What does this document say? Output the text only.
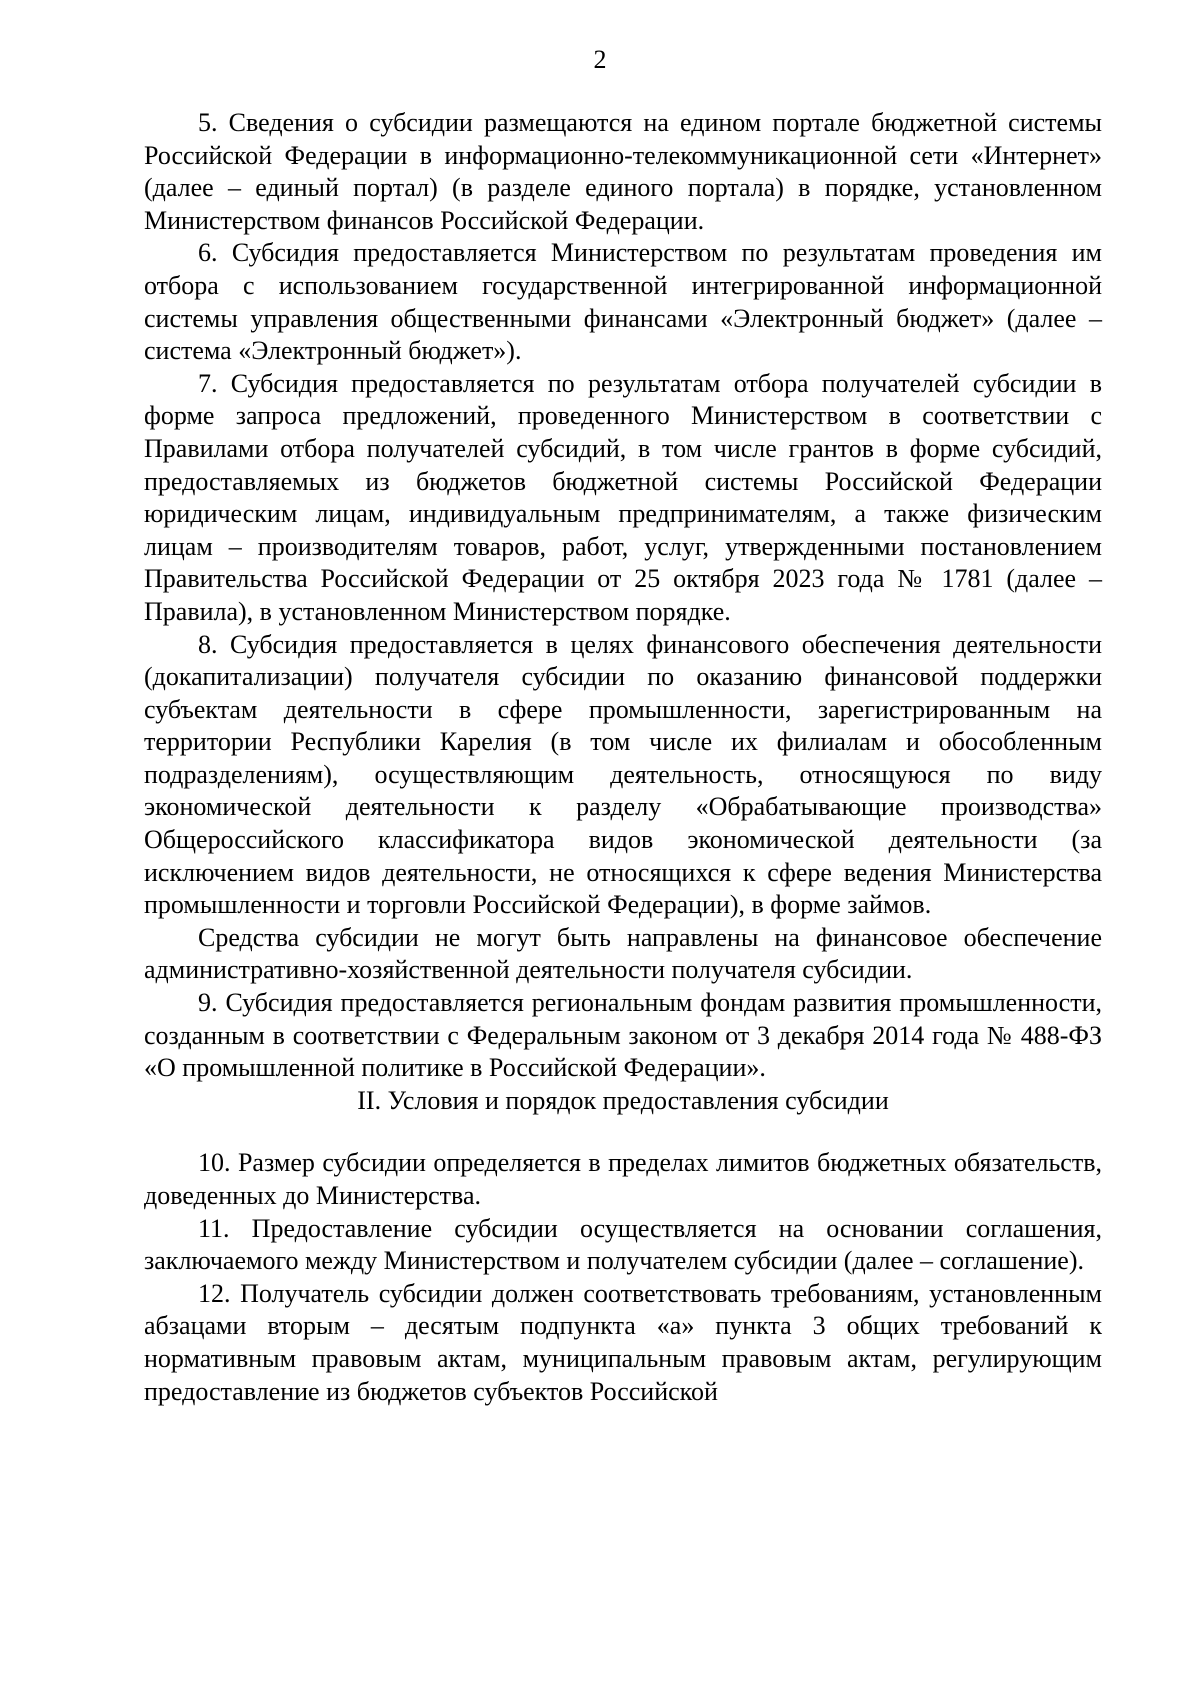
2

5. Сведения о субсидии размещаются на едином портале бюджетной системы Российской Федерации в информационно-телекоммуникационной сети «Интернет» (далее – единый портал) (в разделе единого портала) в порядке, установленном Министерством финансов Российской Федерации.

6. Субсидия предоставляется Министерством по результатам проведения им отбора с использованием государственной интегрированной информационной системы управления общественными финансами «Электронный бюджет» (далее – система «Электронный бюджет»).

7. Субсидия предоставляется по результатам отбора получателей субсидии в форме запроса предложений, проведенного Министерством в соответствии с Правилами отбора получателей субсидий, в том числе грантов в форме субсидий, предоставляемых из бюджетов бюджетной системы Российской Федерации юридическим лицам, индивидуальным предпринимателям, а также физическим лицам – производителям товаров, работ, услуг, утвержденными постановлением Правительства Российской Федерации от 25 октября 2023 года № 1781 (далее – Правила), в установленном Министерством порядке.

8. Субсидия предоставляется в целях финансового обеспечения деятельности (докапитализации) получателя субсидии по оказанию финансовой поддержки субъектам деятельности в сфере промышленности, зарегистрированным на территории Республики Карелия (в том числе их филиалам и обособленным подразделениям), осуществляющим деятельность, относящуюся по виду экономической деятельности к разделу «Обрабатывающие производства» Общероссийского классификатора видов экономической деятельности (за исключением видов деятельности, не относящихся к сфере ведения Министерства промышленности и торговли Российской Федерации), в форме займов.

Средства субсидии не могут быть направлены на финансовое обеспечение административно-хозяйственной деятельности получателя субсидии.

9. Субсидия предоставляется региональным фондам развития промышленности, созданным в соответствии с Федеральным законом от 3 декабря 2014 года № 488-ФЗ «О промышленной политике в Российской Федерации».

II. Условия и порядок предоставления субсидии

10. Размер субсидии определяется в пределах лимитов бюджетных обязательств, доведенных до Министерства.

11. Предоставление субсидии осуществляется на основании соглашения, заключаемого между Министерством и получателем субсидии (далее – соглашение).

12. Получатель субсидии должен соответствовать требованиям, установленным абзацами вторым – десятым подпункта «а» пункта 3 общих требований к нормативным правовым актам, муниципальным правовым актам, регулирующим предоставление из бюджетов субъектов Российской
